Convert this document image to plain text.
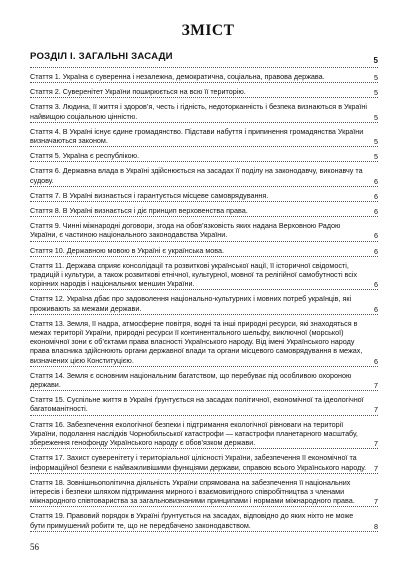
ЗМІСТ
РОЗДІЛ І. ЗАГАЛЬНІ ЗАСАДИ	5
Стаття 1. Україна є суверенна і незалежна, демократична, соціальна, правова держава.	5
Стаття 2. Суверенітет України поширюється на всю її територію.	5
Стаття 3. Людина, її життя і здоров’я, честь і гідність, недоторканність і безпека визнаються в Україні найвищою соціальною цінністю.	5
Стаття 4. В Україні існує єдине громадянство. Підстави набуття і припинення громадянства України визначаються законом.	5
Стаття 5. Україна є республікою.	5
Стаття 6. Державна влада в Україні здійснюється на засадах її поділу на законодавчу, виконавчу та судову.	6
Стаття 7. В Україні визнається і гарантується місцеве самоврядування.	6
Стаття 8. В Україні визнається і діє принцип верховенства права.	6
Стаття 9. Чинні міжнародні договори, згода на обов’язковість яких надана Верховною Радою України, є частиною національного законодавства України.	6
Стаття 10. Державною мовою в Україні є українська мова.	6
Стаття 11. Держава сприяє консолідації та розвиткові української нації, її історичної свідомості, традицій і культури, а також розвиткові етнічної, культурної, мовної та релігійної самобутності всіх корінних народів і національних меншин України.	6
Стаття 12. Україна дбає про задоволення національно-культурних і мовних потреб українців, які проживають за межами держави.	6
Стаття 13. Земля, її надра, атмосферне повітря, водні та інші природні ресурси, які знаходяться в межах території України, природні ресурси її континентального шельфу, виключної (морської) економічної зони є об’єктами права власності Українського народу. Від імені Українського народу права власника здійснюють органи державної влади та органи місцевого самоврядування в межах, визначених цією Конституцією.	6
Стаття 14. Земля є основним національним багатством, що перебуває під особливою охороною держави.	7
Стаття 15. Суспільне життя в Україні ґрунтується на засадах політичної, економічної та ідеологічної багатоманітності.	7
Стаття 16. Забезпечення екологічної безпеки і підтримання екологічної рівноваги на території України, подолання наслідків Чорнобильської катастрофи — катастрофи планетарного масштабу, збереження генофонду Українського народу є обов’язком держави.	7
Стаття 17. Захист суверенітету і територіальної цілісності України, забезпечення її економічної та інформаційної безпеки є найважливішими функціями держави, справою всього Українського народу.	7
Стаття 18. Зовнішньополітична діяльність України спрямована на забезпечення її національних інтересів і безпеки шляхом підтримання мирного і взаємовигідного співробітництва з членами міжнародного співтовариства за загальновизнаними принципами і нормами міжнародного права.	7
Стаття 19. Правовий порядок в Україні ґрунтується на засадах, відповідно до яких ніхто не може бути примушений робити те, що не передбачено законодавством.	8
56
